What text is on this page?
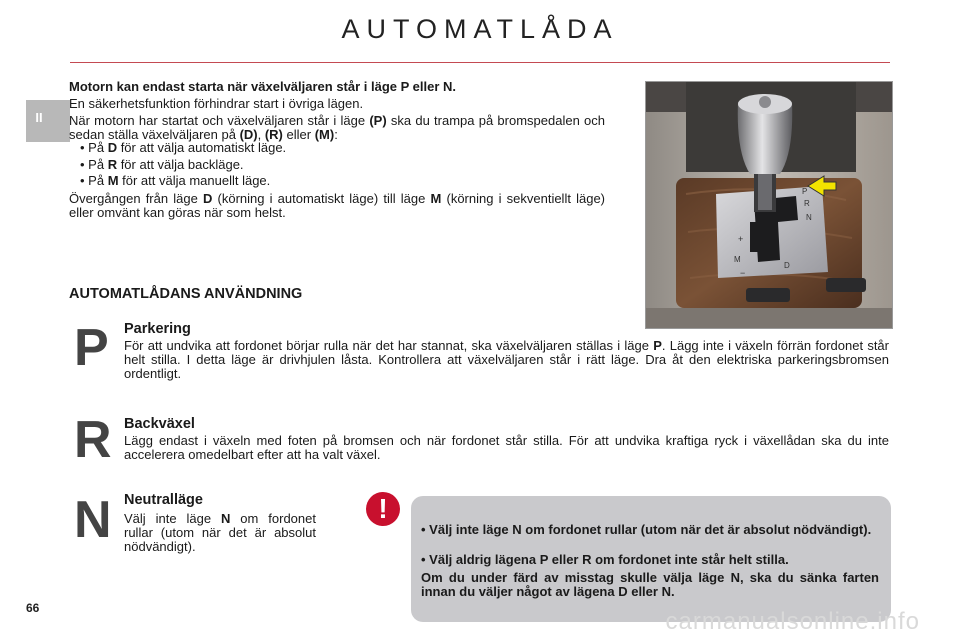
AUTOMATLÅDA
II
Motorn kan endast starta när växelväljaren står i läge P eller N.
En säkerhetsfunktion förhindrar start i övriga lägen.
När motorn har startat och växelväljaren står i läge (P) ska du trampa på bromspedalen och sedan ställa växelväljaren på (D), (R) eller (M):
• På D för att välja automatiskt läge.
• På R för att välja backläge.
• På M för att välja manuellt läge.
Övergången från läge D (körning i automatiskt läge) till läge M (körning i sekventiellt läge) eller omvänt kan göras när som helst.
P
R
N
D
M
+
−
AUTOMATLÅDANS ANVÄNDNING
P Parkering
För att undvika att fordonet börjar rulla när det har stannat, ska växelväljaren ställas i läge P. Lägg inte i växeln förrän fordonet står helt stilla. I detta läge är drivhjulen låsta. Kontrollera att växelväljaren står i rätt läge. Dra åt den elektriska parkeringsbromsen ordentligt.
R Backväxel
Lägg endast i växeln med foten på bromsen och när fordonet står stilla. För att undvika kraftiga ryck i växellådan ska du inte accelerera omedelbart efter att ha valt växel.
N Neutralläge
Välj inte läge N om fordonet rullar (utom när det är absolut nödvändigt).
!
• Välj inte läge N om fordonet rullar (utom när det är absolut nödvändigt).
• Välj aldrig lägena P eller R om fordonet inte står helt stilla.
Om du under färd av misstag skulle välja läge N, ska du sänka farten innan du väljer något av lägena D eller N.
66	carmanualsonline.info
